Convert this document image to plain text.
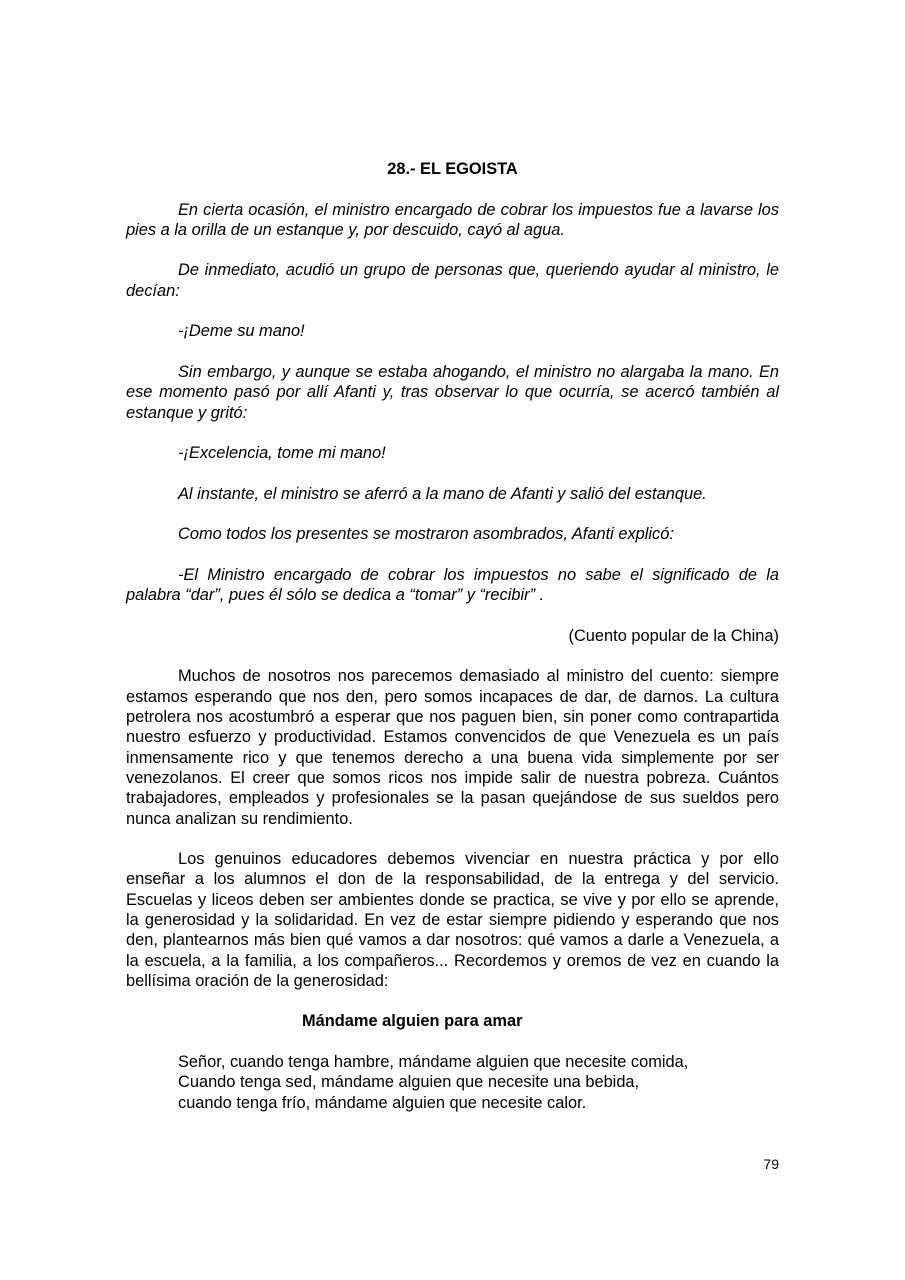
28.- EL EGOISTA

En cierta ocasión, el ministro encargado de cobrar los impuestos fue a lavarse los pies a la orilla de un estanque y, por descuido, cayó al agua.

De inmediato, acudió un grupo de personas que, queriendo ayudar al ministro, le decían:

-¡Deme su mano!

Sin embargo, y aunque se estaba ahogando, el ministro no alargaba la mano. En ese momento pasó por allí Afanti y, tras observar lo que ocurría, se acercó también al estanque y gritó:

-¡Excelencia, tome mi mano!

Al instante, el ministro se aferró a la mano de Afanti y salió del estanque.

Como todos los presentes se mostraron asombrados, Afanti explicó:

-El Ministro encargado de cobrar los impuestos no sabe el significado de la palabra “dar”, pues él sólo se dedica a “tomar” y “recibir” .

(Cuento popular de la China)

Muchos de nosotros nos parecemos demasiado al ministro del cuento: siempre estamos esperando que nos den, pero somos incapaces de dar, de darnos. La cultura petrolera nos acostumbró a esperar que nos paguen bien, sin poner como contrapartida nuestro esfuerzo y productividad. Estamos convencidos de que Venezuela es un país inmensamente rico y que tenemos derecho a una buena vida simplemente por ser venezolanos. El creer que somos ricos nos impide salir de nuestra pobreza. Cuántos trabajadores, empleados y profesionales se la pasan quejándose de sus sueldos pero nunca analizan su rendimiento.

Los genuinos educadores debemos vivenciar en nuestra práctica y por ello enseñar a los alumnos el don de la responsabilidad, de la entrega y del servicio. Escuelas y liceos deben ser ambientes donde se practica, se vive y por ello se aprende, la generosidad y la solidaridad. En vez de estar siempre pidiendo y esperando que nos den, plantearnos más bien qué vamos a dar nosotros: qué vamos a darle a Venezuela, a la escuela, a la familia, a los compañeros... Recordemos y oremos de vez en cuando la bellísima oración de la generosidad:

Mándame alguien para amar
Señor, cuando tenga hambre, mándame alguien que necesite comida,
Cuando tenga sed, mándame alguien que necesite una bebida,
cuando tenga frío, mándame alguien que necesite calor.
79
